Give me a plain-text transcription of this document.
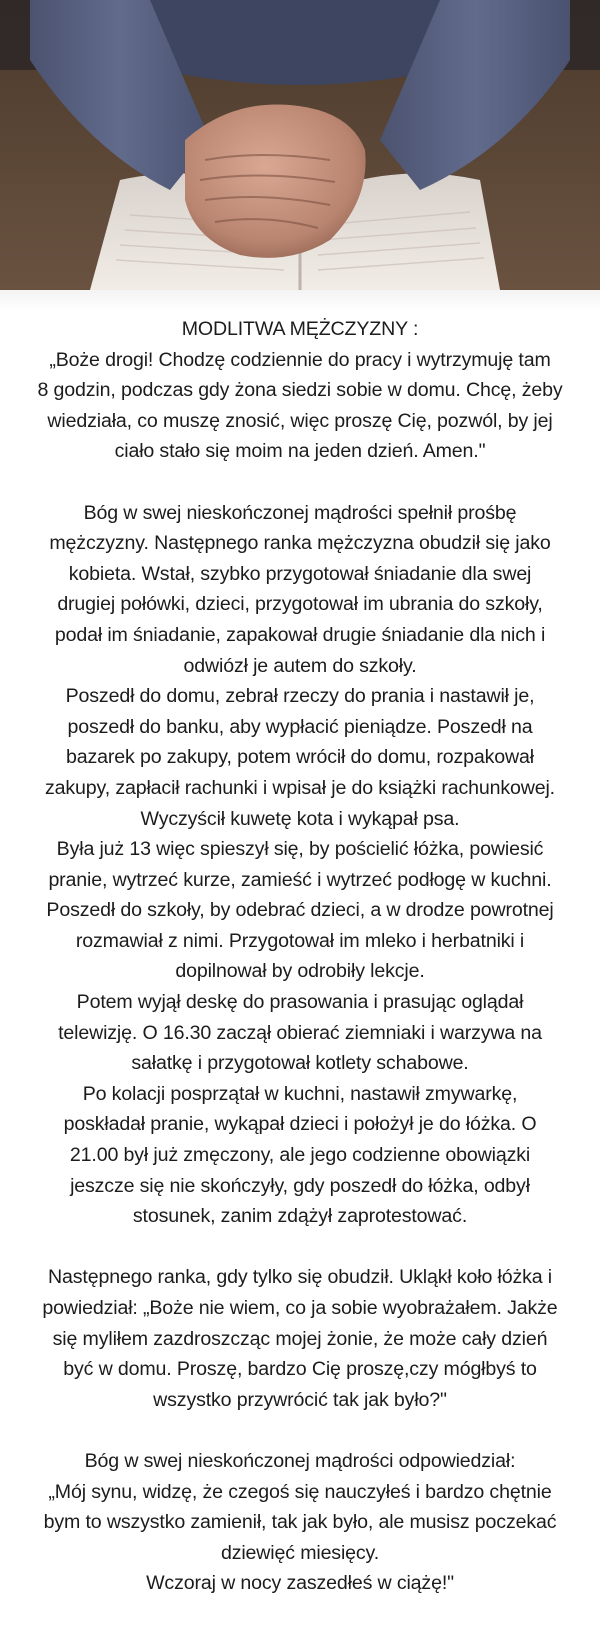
MODLITWA MĘŻCZYZNY :

„Boże drogi! Chodzę codziennie do pracy i wytrzymuję tam
8 godzin, podczas gdy żona siedzi sobie w domu. Chcę, żeby
wiedziała, co muszę znosić, więc proszę Cię, pozwól, by jej
ciało stało się moim na jeden dzień. Amen."

Bóg w swej nieskończonej mądrości spełnił prośbę
mężczyzny. Następnego ranka mężczyzna obudził się jako
kobieta. Wstał, szybko przygotował śniadanie dla swej
drugiej połówki, dzieci, przygotował im ubrania do szkoły,
podał im śniadanie, zapakował drugie śniadanie dla nich i
odwiózł je autem do szkoły.

Poszedł do domu, zebrał rzeczy do prania i nastawił je,
poszedł do banku, aby wypłacić pieniądze. Poszedł na
bazarek po zakupy, potem wrócił do domu, rozpakował
zakupy, zapłacił rachunki i wpisał je do książki rachunkowej.
Wyczyścił kuwetę kota i wykąpał psa.

Była już 13 więc spieszył się, by pościelić łóżka, powiesić
pranie, wytrzeć kurze, zamieść i wytrzeć podłogę w kuchni.
Poszedł do szkoły, by odebrać dzieci, a w drodze powrotnej
rozmawiał z nimi. Przygotował im mleko i herbatniki i
dopilnował by odrobiły lekcje.

Potem wyjął deskę do prasowania i prasując oglądał
telewizję. O 16.30 zaczął obierać ziemniaki i warzywa na
sałatkę i przygotował kotlety schabowe.

Po kolacji posprzątał w kuchni, nastawił zmywarkę,
poskładał pranie, wykąpał dzieci i położył je do łóżka. O
21.00 był już zmęczony, ale jego codzienne obowiązki
jeszcze się nie skończyły, gdy poszedł do łóżka, odbył
stosunek, zanim zdążył zaprotestować.

Następnego ranka, gdy tylko się obudził. Ukląkł koło łóżka i
powiedział: „Boże nie wiem, co ja sobie wyobrażałem. Jakże
się myliłem zazdroszcząc mojej żonie, że może cały dzień
być w domu. Proszę, bardzo Cię proszę,czy mógłbyś to
wszystko przywrócić tak jak było?"

Bóg w swej nieskończonej mądrości odpowiedział:
„Mój synu, widzę, że czegoś się nauczyłeś i bardzo chętnie
bym to wszystko zamienił, tak jak było, ale musisz poczekać
dziewięć miesięcy.

Wczoraj w nocy zaszedłeś w ciążę!"
